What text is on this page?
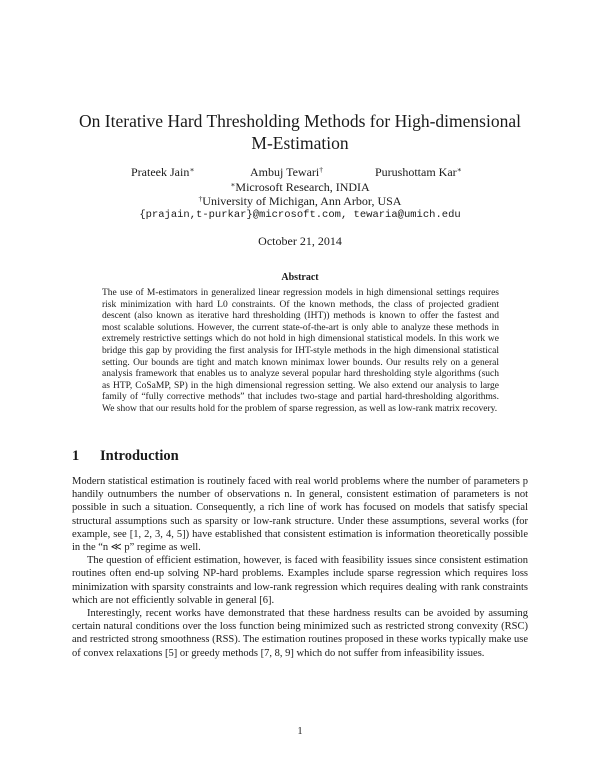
On Iterative Hard Thresholding Methods for High-dimensional
M-Estimation
Prateek Jain∗	Ambuj Tewari†	Purushottam Kar∗
∗Microsoft Research, INDIA
†University of Michigan, Ann Arbor, USA
{prajain,t-purkar}@microsoft.com, tewaria@umich.edu
October 21, 2014
Abstract
The use of M-estimators in generalized linear regression models in high dimensional settings requires risk minimization with hard L0 constraints. Of the known methods, the class of projected gradient descent (also known as iterative hard thresholding (IHT)) methods is known to offer the fastest and most scalable solutions. However, the current state-of-the-art is only able to analyze these methods in extremely restrictive settings which do not hold in high dimensional statistical models. In this work we bridge this gap by providing the first analysis for IHT-style methods in the high dimensional statistical setting. Our bounds are tight and match known minimax lower bounds. Our results rely on a general analysis framework that enables us to analyze several popular hard thresholding style algorithms (such as HTP, CoSaMP, SP) in the high dimensional regression setting. We also extend our analysis to large family of “fully corrective methods” that includes two-stage and partial hard-thresholding algorithms. We show that our results hold for the problem of sparse regression, as well as low-rank matrix recovery.
1 Introduction

Modern statistical estimation is routinely faced with real world problems where the number of parameters p handily outnumbers the number of observations n. In general, consistent estimation of parameters is not possible in such a situation. Consequently, a rich line of work has focused on models that satisfy special structural assumptions such as sparsity or low-rank structure. Under these assumptions, several works (for example, see [1, 2, 3, 4, 5]) have established that consistent estimation is information theoretically possible in the “n ≪ p” regime as well.

The question of efficient estimation, however, is faced with feasibility issues since consistent estimation routines often end-up solving NP-hard problems. Examples include sparse regression which requires loss minimization with sparsity constraints and low-rank regression which requires dealing with rank constraints which are not efficiently solvable in general [6].

Interestingly, recent works have demonstrated that these hardness results can be avoided by assuming certain natural conditions over the loss function being minimized such as restricted strong convexity (RSC) and restricted strong smoothness (RSS). The estimation routines proposed in these works typically make use of convex relaxations [5] or greedy methods [7, 8, 9] which do not suffer from infeasibility issues.

1
